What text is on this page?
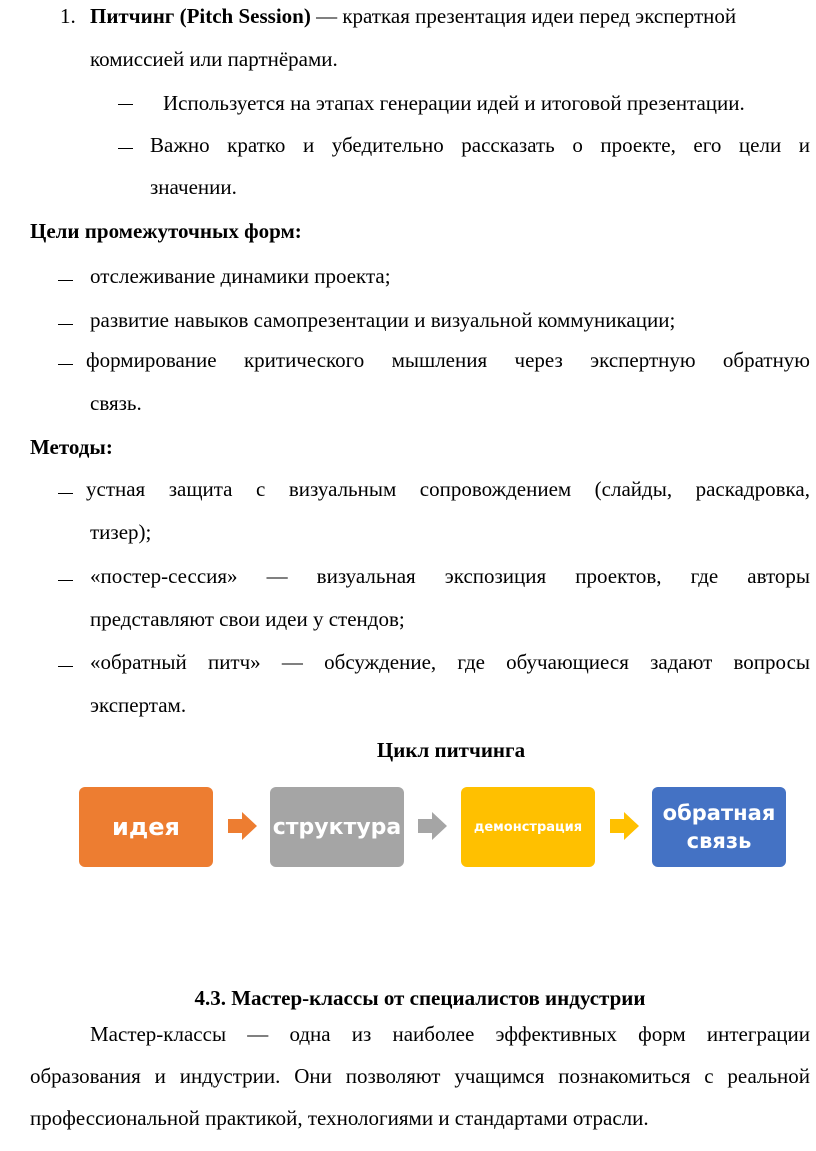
1. Питчинг (Pitch Session) — краткая презентация идеи перед экспертной
комиссией или партнёрами.
Используется на этапах генерации идей и итоговой презентации.
Важно кратко и убедительно рассказать о проекте, его цели и
значении.
Цели промежуточных форм:
отслеживание динамики проекта;
развитие навыков самопрезентации и визуальной коммуникации;
формирование критического мышления через экспертную обратную
связь.
Методы:
устная защита с визуальным сопровождением (слайды, раскадровка,
тизер);
«постер-сессия» — визуальная экспозиция проектов, где авторы
представляют свои идеи у стендов;
«обратный питч» — обсуждение, где обучающиеся задают вопросы
экспертам.
Цикл питчинга
идея	структура	демонстрация
обратная
связь
4.3. Мастер-классы от специалистов индустрии
Мастер-классы — одна из наиболее эффективных форм интеграции
образования и индустрии. Они позволяют учащимся познакомиться с реальной
профессиональной практикой, технологиями и стандартами отрасли.
